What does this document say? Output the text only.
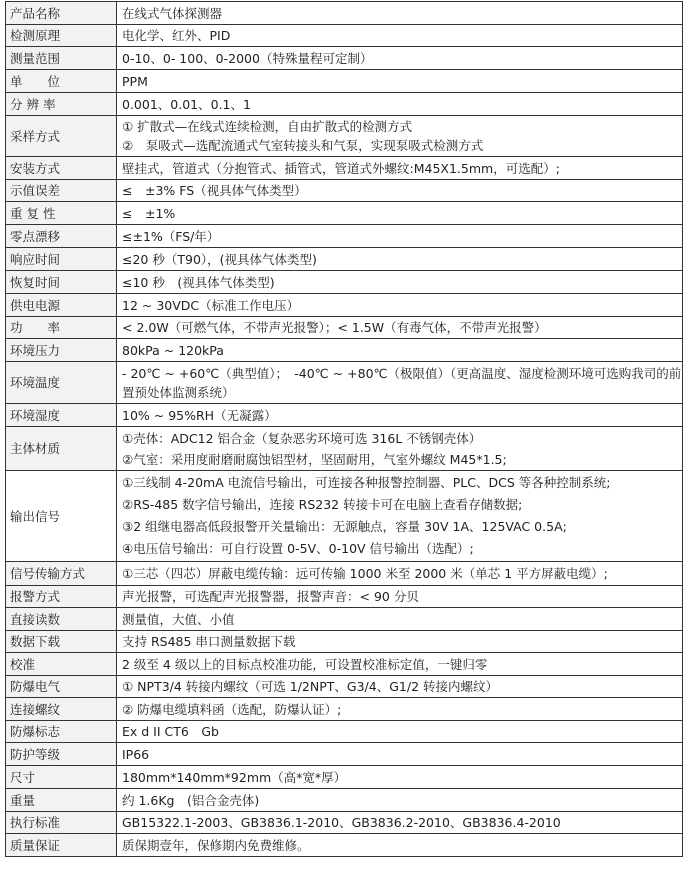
产品名称	在线式气体探测器
检测原理	电化学、红外、PID
测量范围	0-10、0- 100、0-2000（特殊量程可定制）
单　　位	PPM
分 辨 率	0.001、0.01、0.1、1
采样方式	① 扩散式—在线式连续检测，自由扩散式的检测方式
②　泵吸式—选配流通式气室转接头和气泵，实现泵吸式检测方式

安装方式	壁挂式，管道式（分抱管式、插管式，管道式外螺纹:M45X1.5mm，可选配）;
示值误差	≤　±3% FS（视具体气体类型）
重 复 性	≤　±1%
零点漂移	≤±1%（FS/年）
响应时间	≤20 秒（T90），(视具体气体类型)
恢复时间	≤10 秒　(视具体气体类型)
供电电源	12 ~ 30VDC（标准工作电压）
功　　率	< 2.0W（可燃气体，不带声光报警）；< 1.5W（有毒气体，不带声光报警）
环境压力	80kPa ~ 120kPa
环境温度	- 20℃ ~ +60℃（典型值）；　-40℃ ~ +80℃（极限值）（更高温度、湿度检测环境可选购我司的前置预处体监测系统）
环境湿度	10% ~ 95%RH（无凝露）
主体材质	①壳体：ADC12 铝合金（复杂恶劣环境可选 316L 不锈钢壳体）
②气室：采用度耐磨耐腐蚀铝型材，坚固耐用，气室外螺纹 M45*1.5;

输出信号	①三线制 4-20mA 电流信号输出，可连接各种报警控制器、PLC、DCS 等各种控制系统;
②RS-485 数字信号输出，连接 RS232 转接卡可在电脑上查看存储数据;
③2 组继电器高低段报警开关量输出：无源触点，容量 30V 1A、125VAC 0.5A;
④电压信号输出：可自行设置 0-5V、0-10V 信号输出（选配）;

信号传输方式	①三芯（四芯）屏蔽电缆传输：远可传输 1000 米至 2000 米（单芯 1 平方屏蔽电缆）;
报警方式	声光报警，可选配声光报警器，报警声音：< 90 分贝
直接读数	测量值，大值、小值
数据下载	支持 RS485 串口测量数据下载
校准	2 级至 4 级以上的目标点校准功能，可设置校准标定值，一键归零
防爆电气	① NPT3/4 转接内螺纹（可选 1/2NPT、G3/4、G1/2 转接内螺纹）
连接螺纹	② 防爆电缆填料函（选配，防爆认证）;
防爆标志	Ex d II CT6　Gb
防护等级	IP66
尺寸	180mm*140mm*92mm（高*宽*厚）
重量	约 1.6Kg　(铝合金壳体)
执行标准	GB15322.1-2003、GB3836.1-2010、GB3836.2-2010、GB3836.4-2010
质量保证	质保期壹年，保修期内免费维修。
